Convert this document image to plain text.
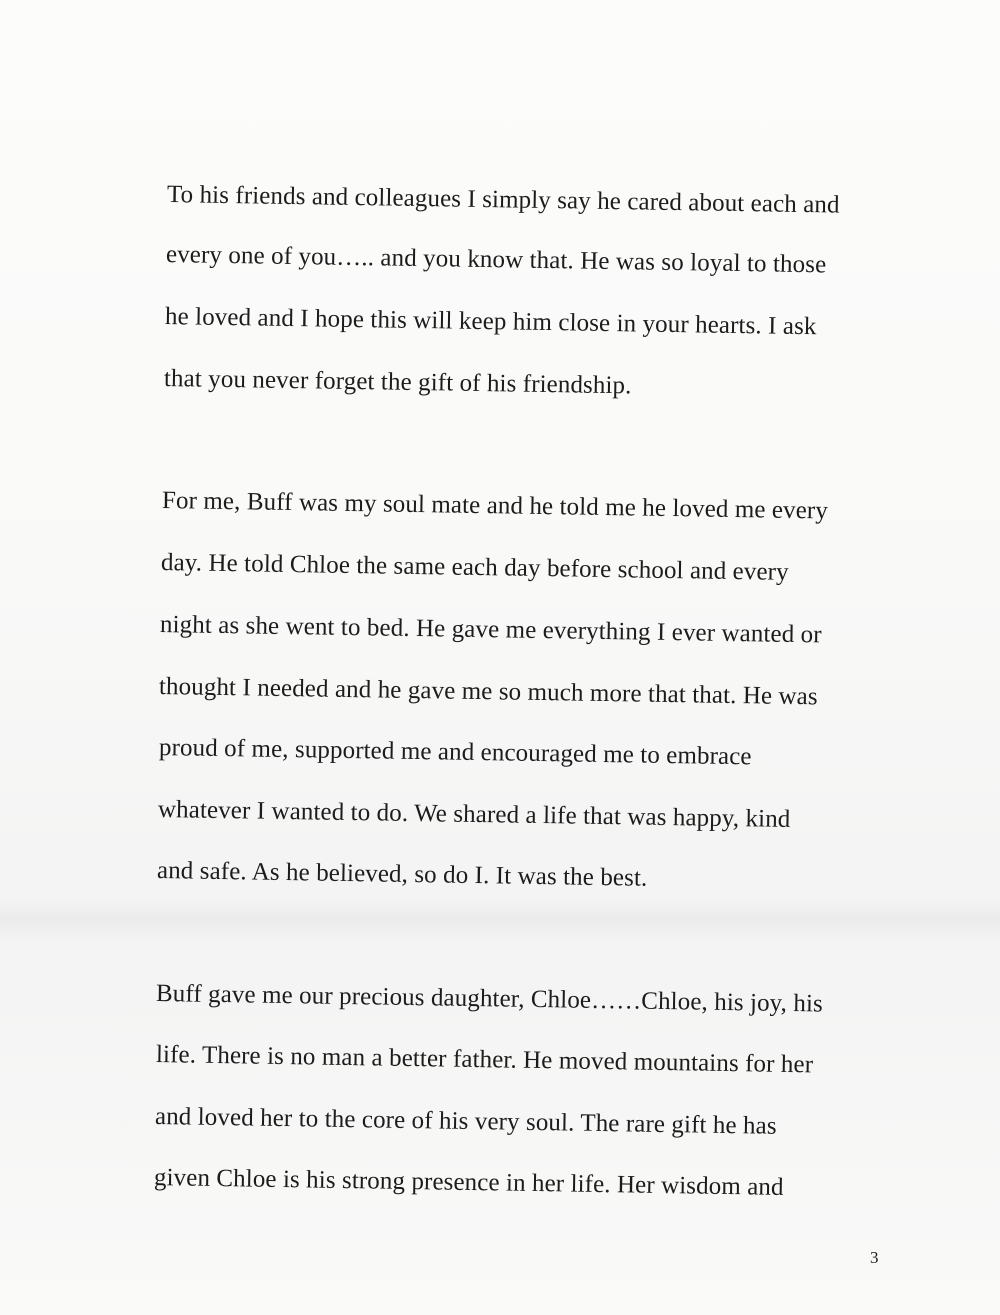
To his friends and colleagues I simply say he cared about each and
every one of you….. and you know that. He was so loyal to those
he loved and I hope this will keep him close in your hearts. I ask
that you never forget the gift of his friendship.
For me, Buff was my soul mate and he told me he loved me every
day. He told Chloe the same each day before school and every
night as she went to bed. He gave me everything I ever wanted or
thought I needed and he gave me so much more that that. He was
proud of me, supported me and encouraged me to embrace
whatever I wanted to do. We shared a life that was happy, kind
and safe. As he believed, so do I. It was the best.
Buff gave me our precious daughter, Chloe……Chloe, his joy, his
life. There is no man a better father. He moved mountains for her
and loved her to the core of his very soul. The rare gift he has
given Chloe is his strong presence in her life. Her wisdom and
3
